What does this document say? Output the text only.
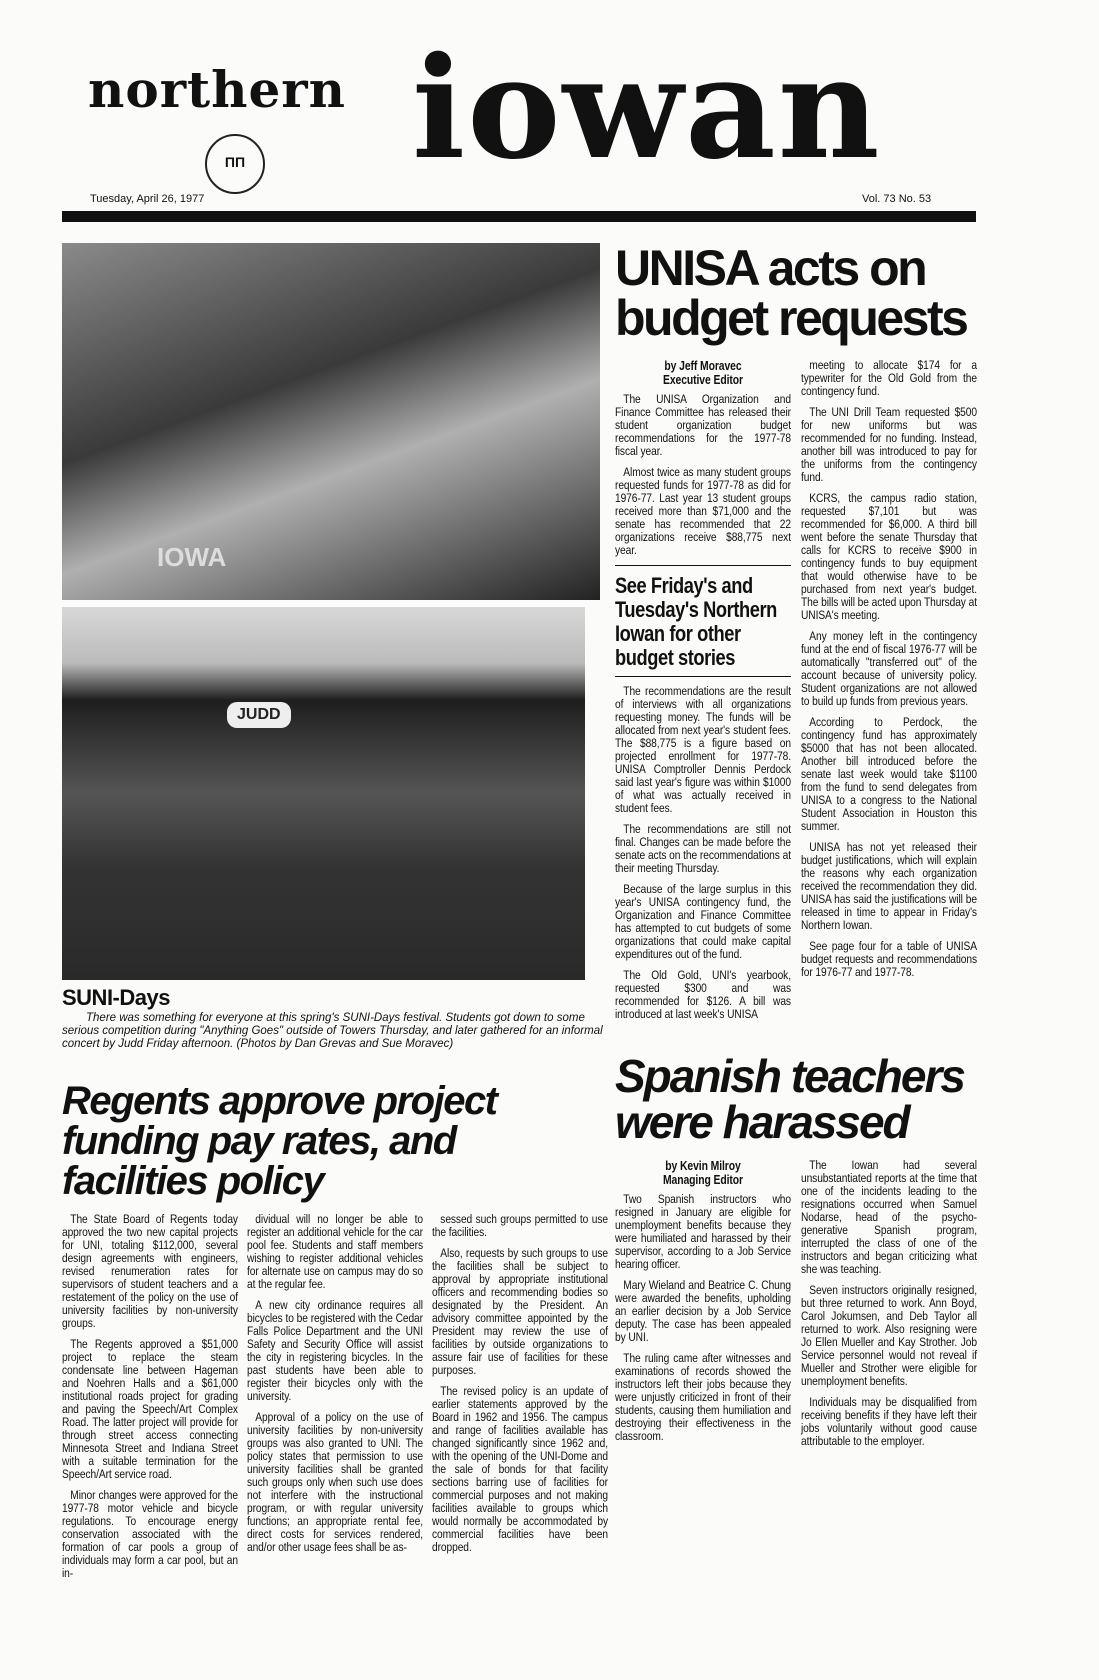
northern
ΠΠ iowan
Tuesday, April 26, 1977	Vol. 73 No. 53
IOWA
JUDD
SUNI-Days
There was something for everyone at this spring's SUNI-Days festival. Students got down to some serious competition during "Anything Goes" outside of Towers Thursday, and later gathered for an informal concert by Judd Friday afternoon. (Photos by Dan Grevas and Sue Moravec)
Regents approve project funding pay rates, and facilities policy

The State Board of Regents today approved the two new capital projects for UNI, totaling $112,000, several design agreements with engineers, revised renumeration rates for supervisors of student teachers and a restatement of the policy on the use of university facilities by non-university groups.

The Regents approved a $51,000 project to replace the steam condensate line between Hageman and Noehren Halls and a $61,000 institutional roads project for grading and paving the Speech/Art Complex Road. The latter project will provide for through street access connecting Minnesota Street and Indiana Street with a suitable termination for the Speech/Art service road.

Minor changes were approved for the 1977-78 motor vehicle and bicycle regulations. To encourage energy conservation associated with the formation of car pools a group of individuals may form a car pool, but an in-

dividual will no longer be able to register an additional vehicle for the car pool fee. Students and staff members wishing to register additional vehicles for alternate use on campus may do so at the regular fee.

A new city ordinance requires all bicycles to be registered with the Cedar Falls Police Department and the UNI Safety and Security Office will assist the city in registering bicycles. In the past students have been able to register their bicycles only with the university.

Approval of a policy on the use of university facilities by non-university groups was also granted to UNI. The policy states that permission to use university facilities shall be granted such groups only when such use does not interfere with the instructional program, or with regular university functions; an appropriate rental fee, direct costs for services rendered, and/or other usage fees shall be as-

sessed such groups permitted to use the facilities.

Also, requests by such groups to use the facilities shall be subject to approval by appropriate institutional officers and recommending bodies so designated by the President. An advisory committee appointed by the President may review the use of facilities by outside organizations to assure fair use of facilities for these purposes.

The revised policy is an update of earlier statements approved by the Board in 1962 and 1956. The campus and range of facilities available has changed significantly since 1962 and, with the opening of the UNI-Dome and the sale of bonds for that facility sections barring use of facilities for commercial purposes and not making facilities available to groups which would normally be accommodated by commercial facilities have been dropped.

UNISA acts on budget requests
by Jeff Moravec
Executive Editor

The UNISA Organization and Finance Committee has released their student organization budget recommendations for the 1977-78 fiscal year.

Almost twice as many student groups requested funds for 1977-78 as did for 1976-77. Last year 13 student groups received more than $71,000 and the senate has recommended that 22 organizations receive $88,775 next year.

See Friday's and Tuesday's Northern Iowan for other budget stories

The recommendations are the result of interviews with all organizations requesting money. The funds will be allocated from next year's student fees. The $88,775 is a figure based on projected enrollment for 1977-78. UNISA Comptroller Dennis Perdock said last year's figure was within $1000 of what was actually received in student fees.

The recommendations are still not final. Changes can be made before the senate acts on the recommendations at their meeting Thursday.

Because of the large surplus in this year's UNISA contingency fund, the Organization and Finance Committee has attempted to cut budgets of some organizations that could make capital expenditures out of the fund.

The Old Gold, UNI's yearbook, requested $300 and was recommended for $126. A bill was introduced at last week's UNISA

meeting to allocate $174 for a typewriter for the Old Gold from the contingency fund.

The UNI Drill Team requested $500 for new uniforms but was recommended for no funding. Instead, another bill was introduced to pay for the uniforms from the contingency fund.

KCRS, the campus radio station, requested $7,101 but was recommended for $6,000. A third bill went before the senate Thursday that calls for KCRS to receive $900 in contingency funds to buy equipment that would otherwise have to be purchased from next year's budget. The bills will be acted upon Thursday at UNISA's meeting.

Any money left in the contingency fund at the end of fiscal 1976-77 will be automatically "transferred out" of the account because of university policy. Student organizations are not allowed to build up funds from previous years.

According to Perdock, the contingency fund has approximately $5000 that has not been allocated. Another bill introduced before the senate last week would take $1100 from the fund to send delegates from UNISA to a congress to the National Student Association in Houston this summer.

UNISA has not yet released their budget justifications, which will explain the reasons why each organization received the recommendation they did. UNISA has said the justifications will be released in time to appear in Friday's Northern Iowan.

See page four for a table of UNISA budget requests and recommendations for 1976-77 and 1977-78.

Spanish teachers were harassed
by Kevin Milroy
Managing Editor

Two Spanish instructors who resigned in January are eligible for unemployment benefits because they were humiliated and harassed by their supervisor, according to a Job Service hearing officer.

Mary Wieland and Beatrice C. Chung were awarded the benefits, upholding an earlier decision by a Job Service deputy. The case has been appealed by UNI.

The ruling came after witnesses and examinations of records showed the instructors left their jobs because they were unjustly criticized in front of their students, causing them humiliation and destroying their effectiveness in the classroom.

The Iowan had several unsubstantiated reports at the time that one of the incidents leading to the resignations occurred when Samuel Nodarse, head of the psycho-generative Spanish program, interrupted the class of one of the instructors and began criticizing what she was teaching.

Seven instructors originally resigned, but three returned to work. Ann Boyd, Carol Jokumsen, and Deb Taylor all returned to work. Also resigning were Jo Ellen Mueller and Kay Strother. Job Service personnel would not reveal if Mueller and Strother were eligible for unemployment benefits.

Individuals may be disqualified from receiving benefits if they have left their jobs voluntarily without good cause attributable to the employer.
